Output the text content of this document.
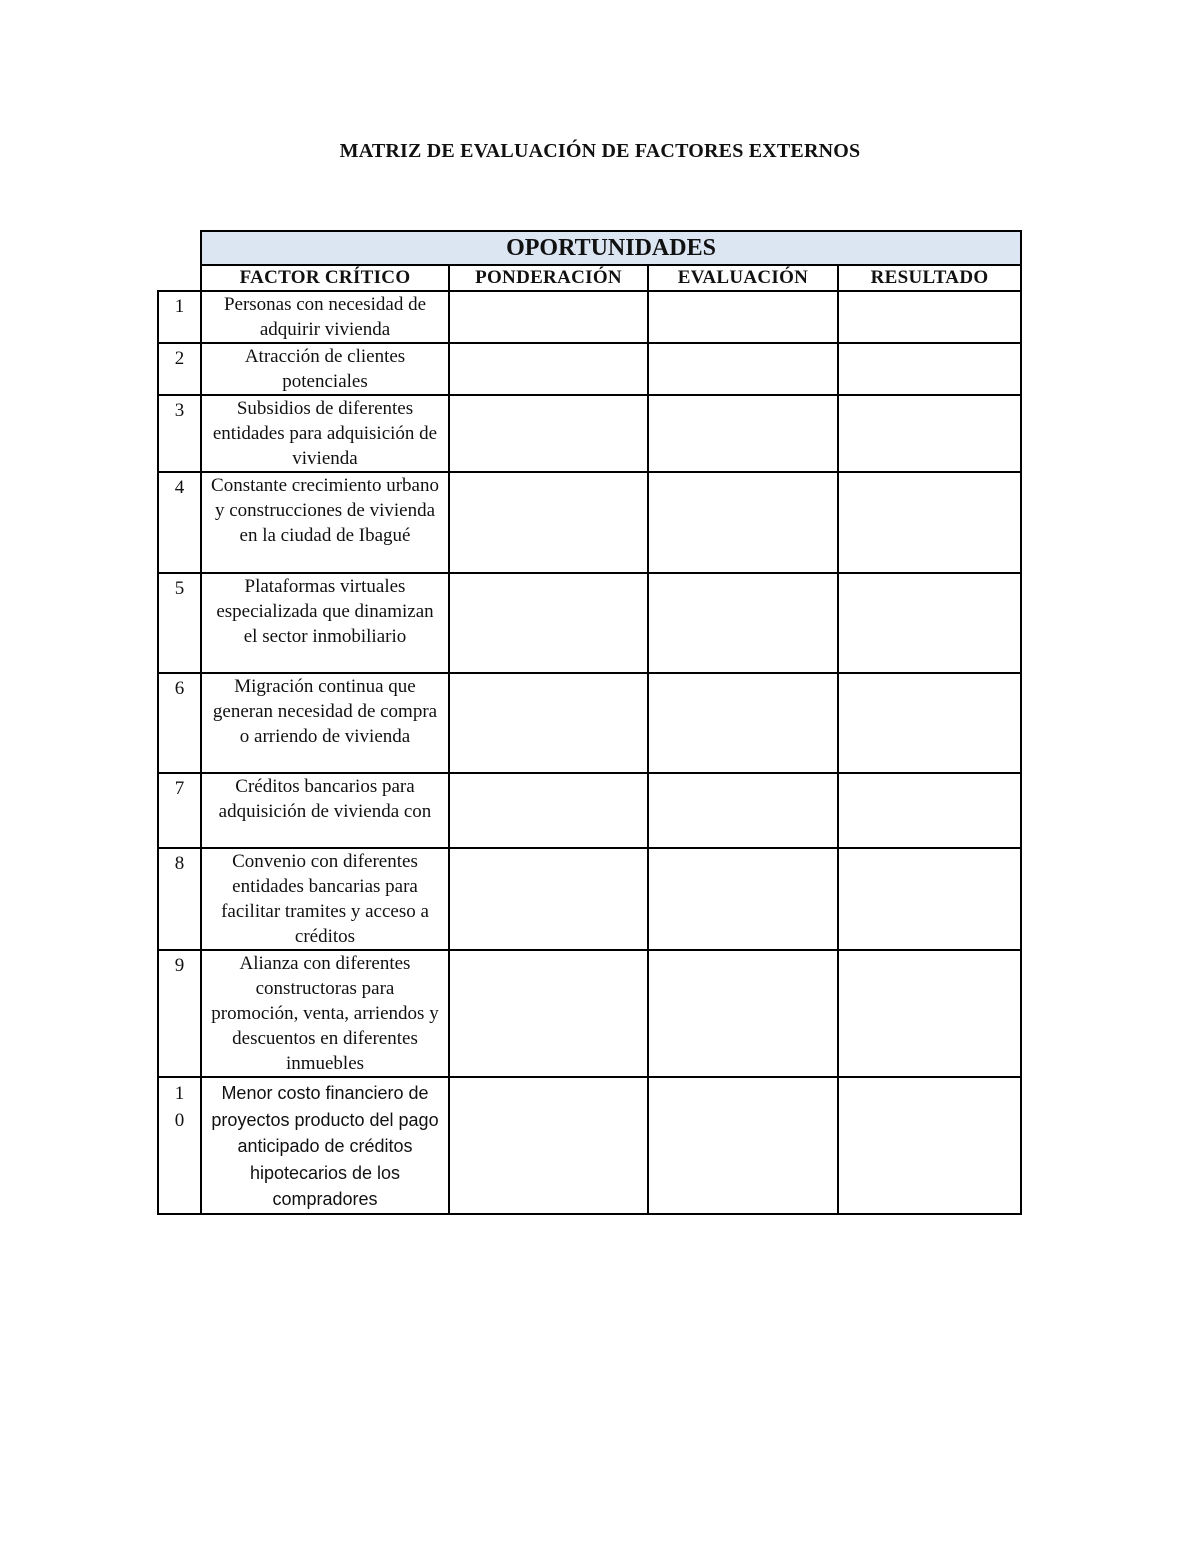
MATRIZ DE EVALUACIÓN DE FACTORES EXTERNOS
	OPORTUNIDADES			
	FACTOR CRÍTICO	PONDERACIÓN	EVALUACIÓN	RESULTADO
1	Personas con necesidad de adquirir vivienda			
2	Atracción de clientes potenciales			
3	Subsidios de diferentes entidades para adquisición de vivienda			
4	Constante crecimiento urbano y construcciones de vivienda en la ciudad de Ibagué			
5	Plataformas virtuales especializada que dinamizan el sector inmobiliario			
6	Migración continua que generan necesidad de compra o arriendo de vivienda			
7	Créditos bancarios para adquisición de vivienda con			
8	Convenio con diferentes entidades bancarias para facilitar tramites y acceso a créditos			
9	Alianza con diferentes constructoras para promoción, venta, arriendos y descuentos en diferentes inmuebles			
10	Menor costo financiero de proyectos producto del pago anticipado de créditos hipotecarios de los compradores			
